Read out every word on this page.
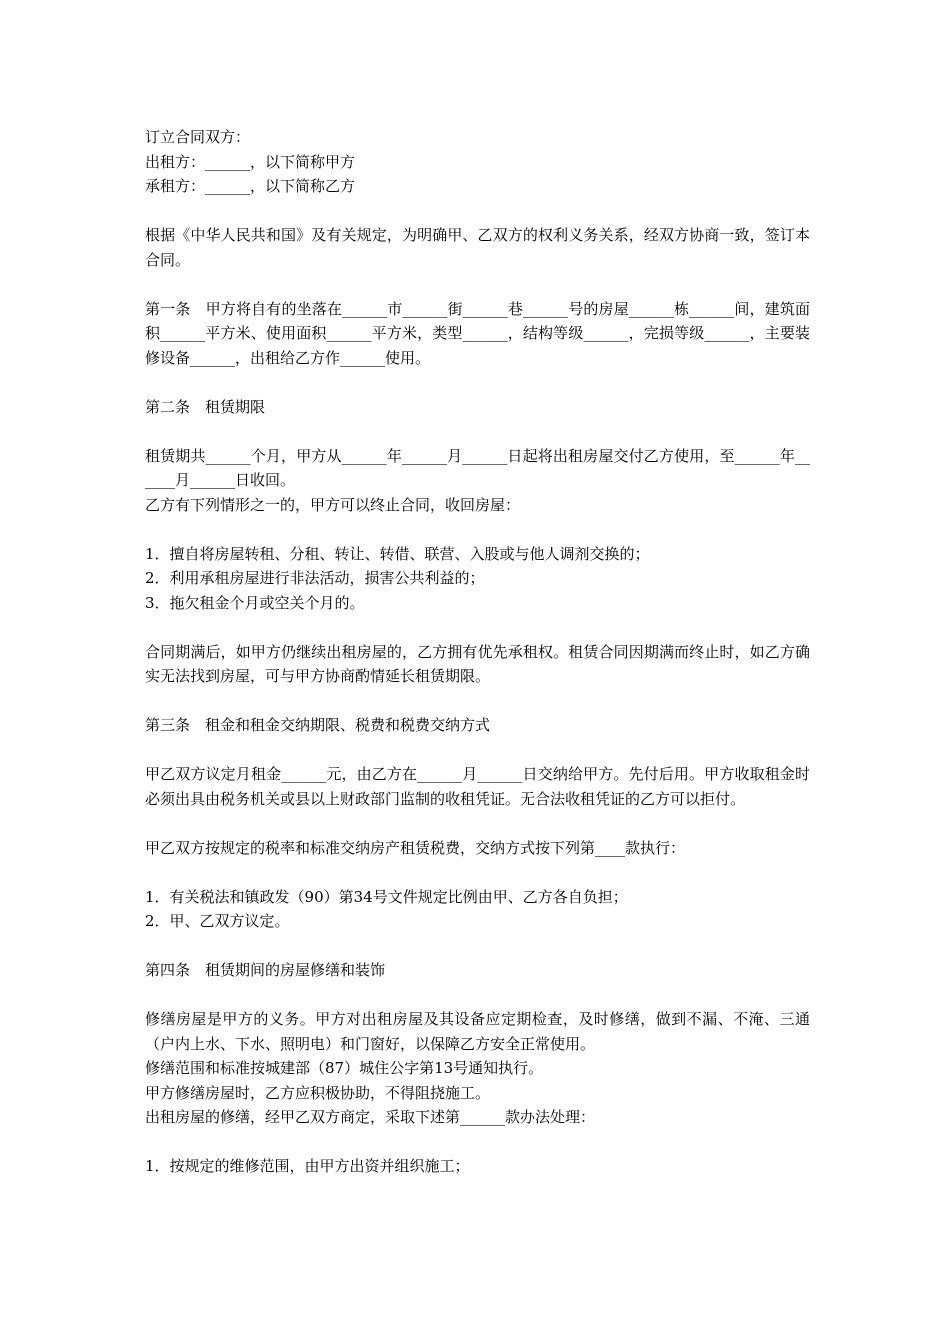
订立合同双方：
出租方：______，以下简称甲方
承租方：______，以下简称乙方
根据《中华人民共和国》及有关规定，为明确甲、乙双方的权利义务关系，经双方协商一致，签订本合同。
第一条　甲方将自有的坐落在______市______街______巷______号的房屋______栋______间，建筑面积______平方米、使用面积______平方米，类型______，结构等级______，完损等级______，主要装修设备______，出租给乙方作______使用。
第二条　租赁期限
租赁期共______个月，甲方从______年______月______日起将出租房屋交付乙方使用，至______年______月______日收回。
乙方有下列情形之一的，甲方可以终止合同，收回房屋：
1．擅自将房屋转租、分租、转让、转借、联营、入股或与他人调剂交换的；
2．利用承租房屋进行非法活动，损害公共利益的；
3．拖欠租金个月或空关个月的。
合同期满后，如甲方仍继续出租房屋的，乙方拥有优先承租权。租赁合同因期满而终止时，如乙方确实无法找到房屋，可与甲方协商酌情延长租赁期限。
第三条　租金和租金交纳期限、税费和税费交纳方式
甲乙双方议定月租金______元，由乙方在______月______日交纳给甲方。先付后用。甲方收取租金时必须出具由税务机关或县以上财政部门监制的收租凭证。无合法收租凭证的乙方可以拒付。
甲乙双方按规定的税率和标准交纳房产租赁税费，交纳方式按下列第____款执行：
1．有关税法和镇政发（90）第34号文件规定比例由甲、乙方各自负担；
2．甲、乙双方议定。
第四条　租赁期间的房屋修缮和装饰
修缮房屋是甲方的义务。甲方对出租房屋及其设备应定期检查，及时修缮，做到不漏、不淹、三通（户内上水、下水、照明电）和门窗好，以保障乙方安全正常使用。
修缮范围和标准按城建部（87）城住公字第13号通知执行。
甲方修缮房屋时，乙方应积极协助，不得阻挠施工。
出租房屋的修缮，经甲乙双方商定，采取下述第______款办法处理：
1．按规定的维修范围，由甲方出资并组织施工；
